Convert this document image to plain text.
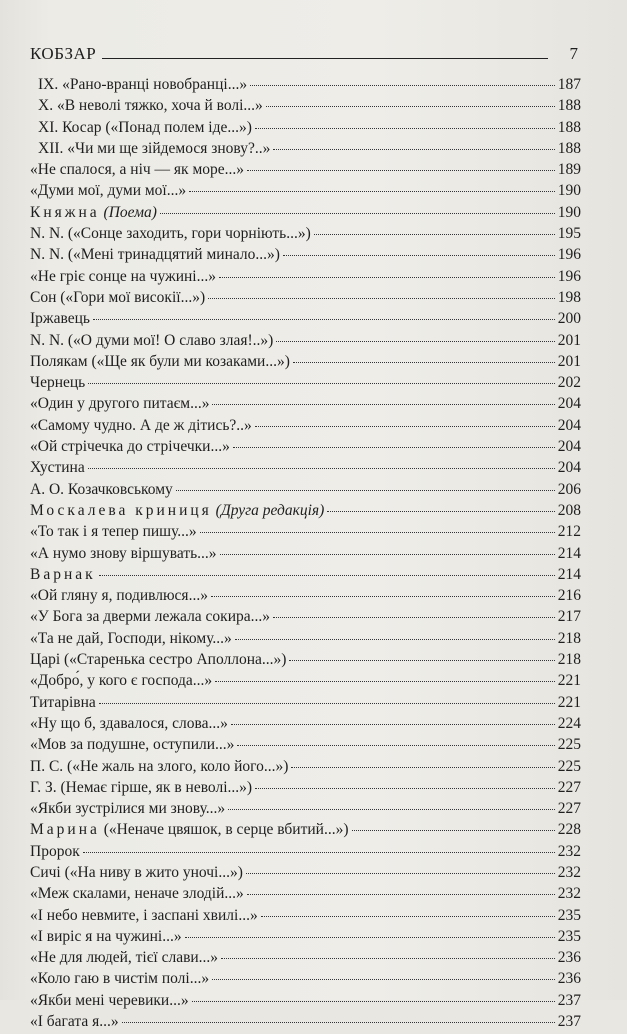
КОБЗАР	7
IX. «Рано-вранці новобранці...»	187
X. «В неволі тяжко, хоча й волі...»	188
XI. Косар («Понад полем іде...»)	188
XII. «Чи ми ще зійдемося знову?..»	188
«Не спалося, а ніч — як море...»	189
«Думи мої, думи мої...»	190
Княжна (Поема)	190
N. N. («Сонце заходить, гори чорніють...»)	195
N. N. («Мені тринадцятий минало...»)	196
«Не гріє сонце на чужині...»	196
Сон («Гори мої високії...»)	198
Іржавець	200
N. N. («О думи мої! О славо злая!..»)	201
Полякам («Ще як були ми козаками...»)	201
Чернець	202
«Один у другого питаєм...»	204
«Самому чудно. А де ж дітись?..»	204
«Ой стрічечка до стрічечки...»	204
Хустина	204
А. О. Козачковському	206
Москалева криниця (Друга редакція)	208
«То так і я тепер пишу...»	212
«А нумо знову віршувать...»	214
Варнак	214
«Ой гляну я, подивлюся...»	216
«У Бога за дверми лежала сокира...»	217
«Та не дай, Господи, нікому...»	218
Царі («Старенька сестро Аполлона...»)	218
«Добро́, у кого є господа...»	221
Титарівна	221
«Ну що б, здавалося, слова...»	224
«Мов за подушне, оступили...»	225
П. С. («Не жаль на злого, коло його...»)	225
Г. З. (Немає гірше, як в неволі...»)	227
«Якби зустрілися ми знову...»	227
Марина («Неначе цвяшок, в серце вбитий...»)	228
Пророк	232
Сичі («На ниву в жито уночі...»)	232
«Меж скалами, неначе злодій...»	232
«І небо невмите, і заспані хвилі...»	235
«І виріс я на чужині...»	235
«Не для людей, тієї слави...»	236
«Коло гаю в чистім полі...»	236
«Якби мені черевики...»	237
«І багата я...»	237
